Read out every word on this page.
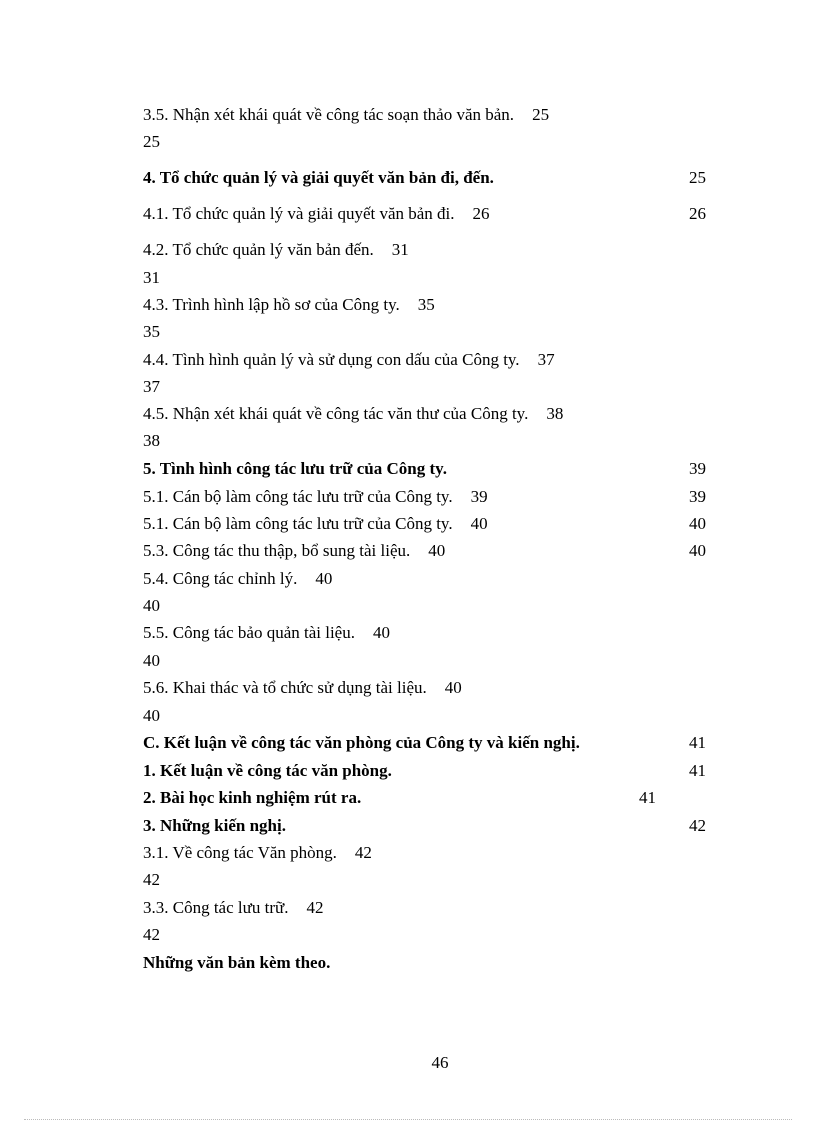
3.5. Nhận xét khái quát về công tác soạn thảo văn bản. 25
25
4. Tổ chức quản lý và giải quyết văn bản đi, đến.	25
4.1. Tổ chức quản lý và giải quyết văn bản đi. 26	26
4.2. Tổ chức quản lý văn bản đến. 31
31
4.3. Trình hình lập hồ sơ của Công ty. 35
35
4.4. Tình hình quản lý và sử dụng con dấu của Công ty. 37
37
4.5. Nhận xét khái quát về công tác văn thư của Công ty. 38
38
5. Tình hình công tác lưu trữ của Công ty.	39
5.1. Cán bộ làm công tác lưu trữ của Công ty. 39	39
5.1. Cán bộ làm công tác lưu trữ của Công ty. 40	40
5.3. Công tác thu thập, bổ sung tài liệu. 40	40
5.4. Công tác chỉnh lý. 40
40
5.5. Công tác bảo quản tài liệu. 40
40
5.6. Khai thác và tổ chức sử dụng tài liệu. 40
40
C. Kết luận về công tác văn phòng của Công ty và kiến nghị.	41
1. Kết luận về công tác văn phòng.	41
2. Bài học kinh nghiệm rút ra.	41
3. Những kiến nghị.	42
3.1. Về công tác Văn phòng. 42
42
3.3. Công tác lưu trữ. 42
42
Những văn bản kèm theo.
46
